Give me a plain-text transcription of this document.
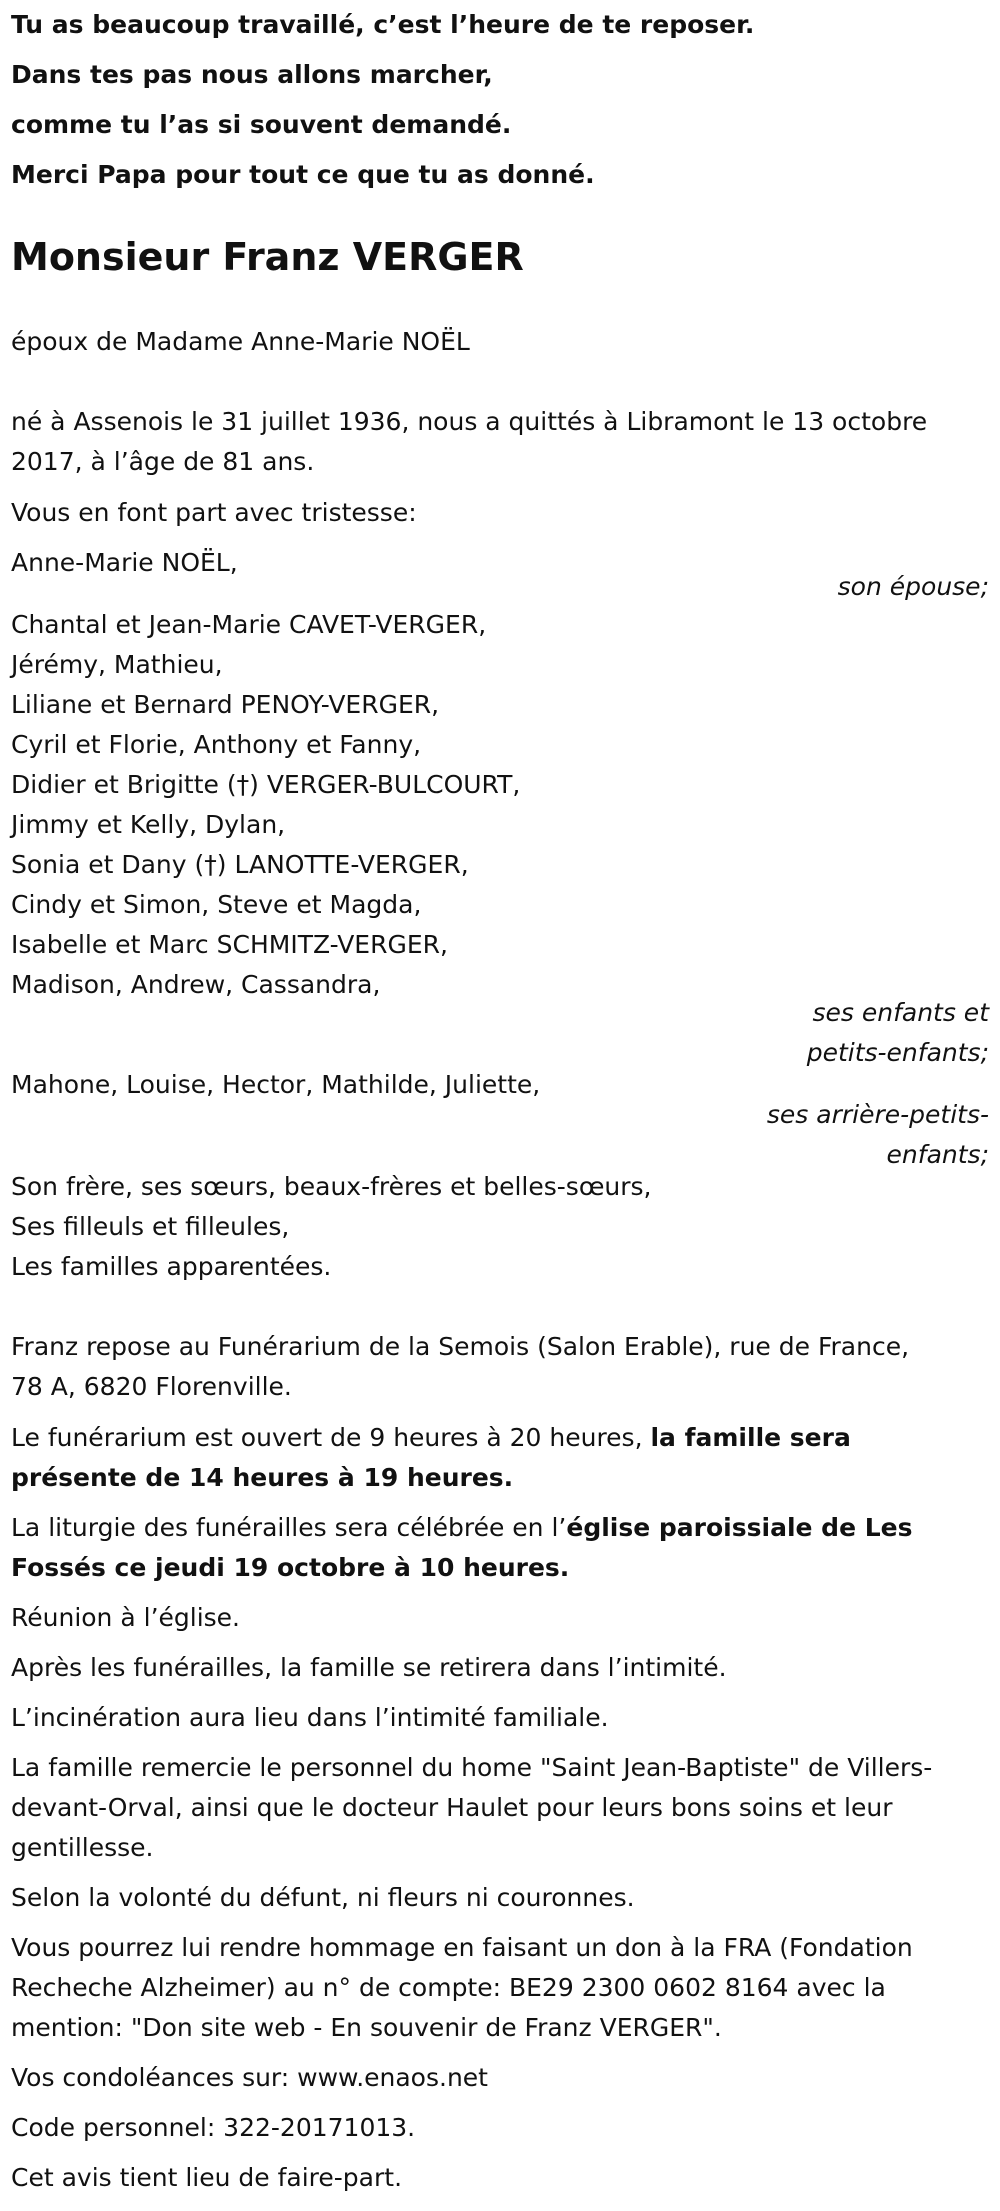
Tu as beaucoup travaillé, c’est l’heure de te reposer.
Dans tes pas nous allons marcher,
comme tu l’as si souvent demandé.
Merci Papa pour tout ce que tu as donné.
Monsieur Franz VERGER
époux de Madame Anne-Marie NOËL
né à Assenois le 31 juillet 1936, nous a quittés à Libramont le 13 octobre
2017, à l’âge de 81 ans.
Vous en font part avec tristesse:
Anne-Marie NOËL,
son épouse;
Chantal et Jean-Marie CAVET-VERGER,
Jérémy, Mathieu,
Liliane et Bernard PENOY-VERGER,
Cyril et Florie, Anthony et Fanny,
Didier et Brigitte (†) VERGER-BULCOURT,
Jimmy et Kelly, Dylan,
Sonia et Dany (†) LANOTTE-VERGER,
Cindy et Simon, Steve et Magda,
Isabelle et Marc SCHMITZ-VERGER,
Madison, Andrew, Cassandra,
ses enfants et
petits-enfants;
Mahone, Louise, Hector, Mathilde, Juliette,
ses arrière-petits-
enfants;
Son frère, ses sœurs, beaux-frères et belles-sœurs,
Ses filleuls et filleules,
Les familles apparentées.
Franz repose au Funérarium de la Semois (Salon Erable), rue de France,
78 A, 6820 Florenville.
Le funérarium est ouvert de 9 heures à 20 heures, la famille sera
présente de 14 heures à 19 heures.
La liturgie des funérailles sera célébrée en l’église paroissiale de Les
Fossés ce jeudi 19 octobre à 10 heures.
Réunion à l’église.
Après les funérailles, la famille se retirera dans l’intimité.
L’incinération aura lieu dans l’intimité familiale.
La famille remercie le personnel du home "Saint Jean-Baptiste" de Villers-
devant-Orval, ainsi que le docteur Haulet pour leurs bons soins et leur
gentillesse.
Selon la volonté du défunt, ni fleurs ni couronnes.
Vous pourrez lui rendre hommage en faisant un don à la FRA (Fondation
Recheche Alzheimer) au n° de compte: BE29 2300 0602 8164 avec la
mention: "Don site web - En souvenir de Franz VERGER".
Vos condoléances sur: www.enaos.net
Code personnel: 322-20171013.
Cet avis tient lieu de faire-part.
